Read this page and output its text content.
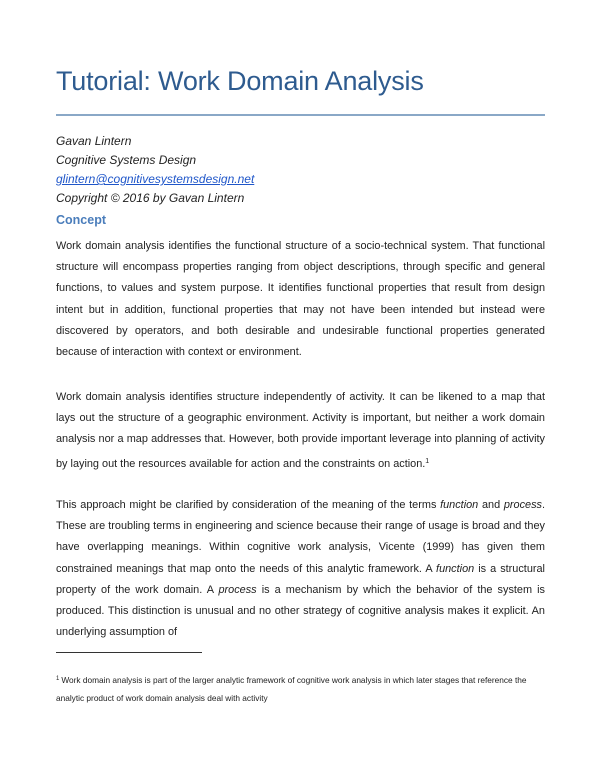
Tutorial: Work Domain Analysis
Gavan Lintern
Cognitive Systems Design
glintern@cognitivesystemsdesign.net
Copyright © 2016 by Gavan Lintern
Concept

Work domain analysis identifies the functional structure of a socio-technical system. That functional structure will encompass properties ranging from object descriptions, through specific and general functions, to values and system purpose. It identifies functional properties that result from design intent but in addition, functional properties that may not have been intended but instead were discovered by operators, and both desirable and undesirable functional properties generated because of interaction with context or environment.

Work domain analysis identifies structure independently of activity. It can be likened to a map that lays out the structure of a geographic environment. Activity is important, but neither a work domain analysis nor a map addresses that. However, both provide important leverage into planning of activity by laying out the resources available for action and the constraints on action.$^1$

This approach might be clarified by consideration of the meaning of the terms function and process. These are troubling terms in engineering and science because their range of usage is broad and they have overlapping meanings. Within cognitive work analysis, Vicente (1999) has given them constrained meanings that map onto the needs of this analytic framework. A function is a structural property of the work domain. A process is a mechanism by which the behavior of the system is produced. This distinction is unusual and no other strategy of cognitive analysis makes it explicit. An underlying assumption of

$^1$ Work domain analysis is part of the larger analytic framework of cognitive work analysis in which later stages that reference the analytic product of work domain analysis deal with activity
